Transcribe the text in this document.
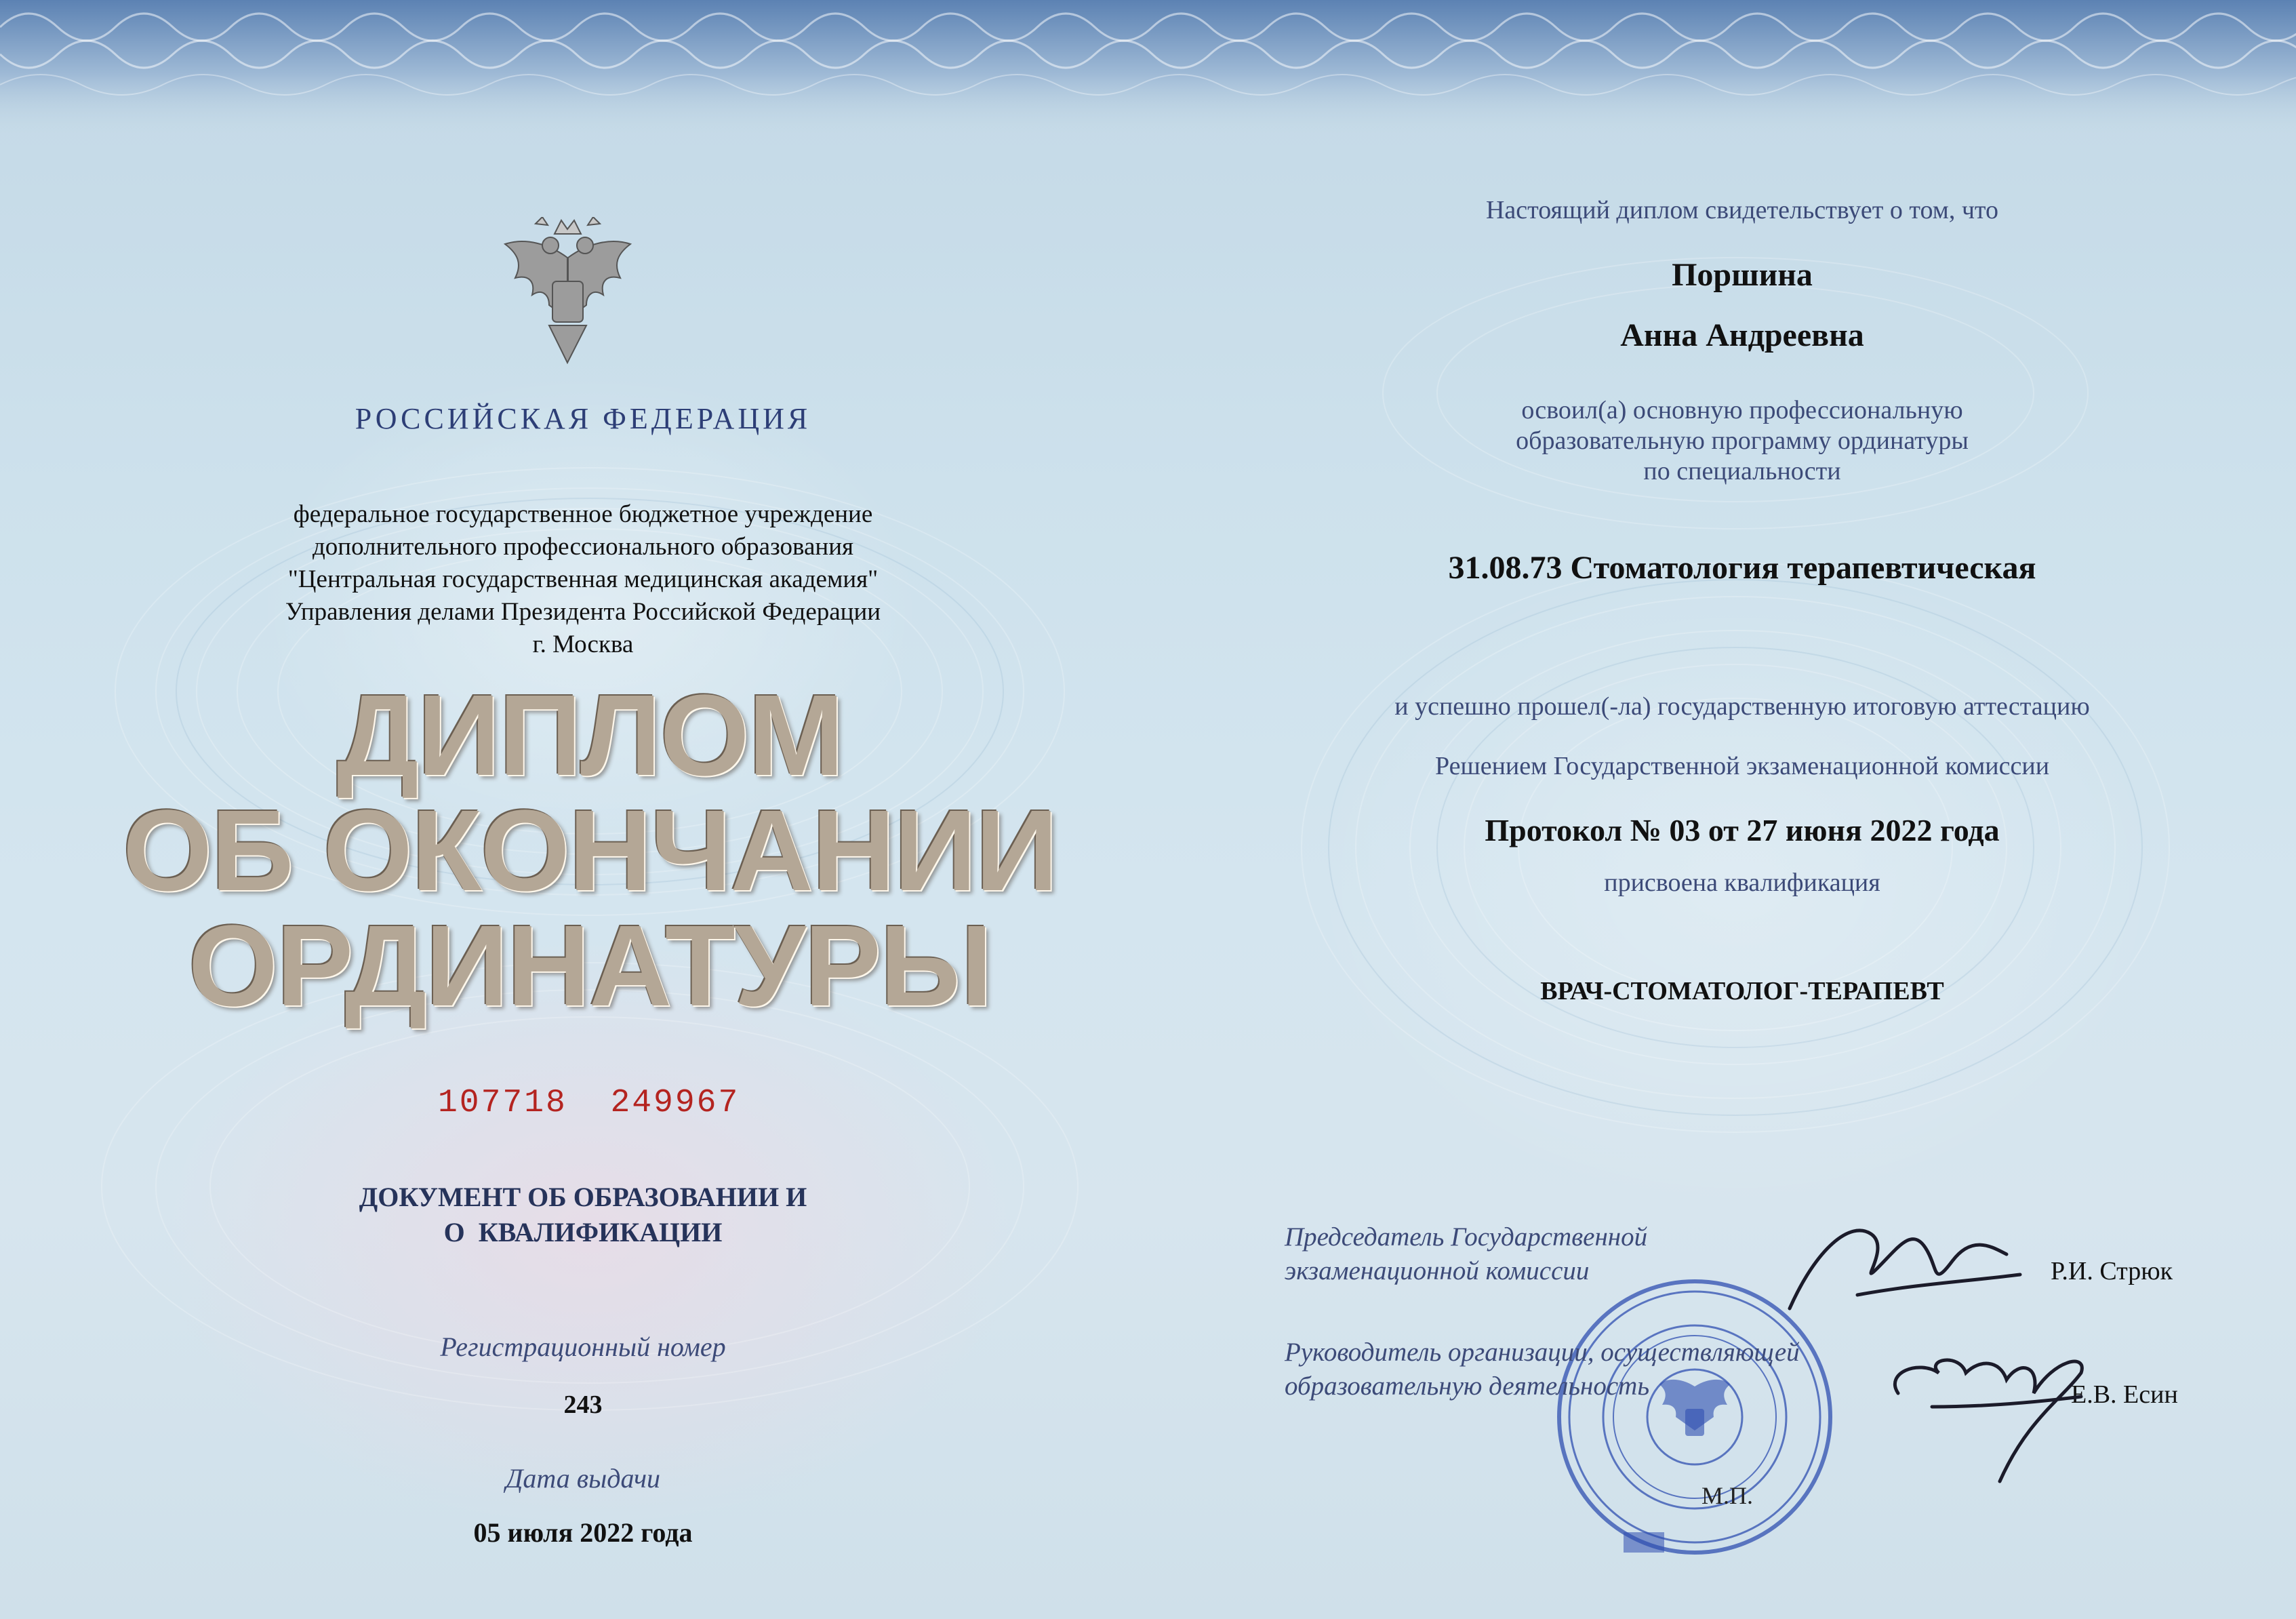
РОССИЙСКАЯ ФЕДЕРАЦИЯ

федеральное государственное бюджетное учреждение
дополнительного профессионального образования
"Центральная государственная медицинская академия"
Управления делами Президента Российской Федерации
г. Москва
ДИПЛОМ
ОБ ОКОНЧАНИИ
ОРДИНАТУРЫ

107718  249967

ДОКУМЕНТ ОБ ОБРАЗОВАНИИ И
О  КВАЛИФИКАЦИИ

Регистрационный номер

243

Дата выдачи

05 июля 2022 года

Настоящий диплом свидетельствует о том, что

Поршина

Анна Андреевна

освоил(а) основную профессиональную
образовательную программу ординатуры
по специальности

31.08.73 Стоматология терапевтическая

и успешно прошел(-ла) государственную итоговую аттестацию

Решением Государственной экзаменационной комиссии

Протокол № 03 от 27 июня 2022 года

присвоена квалификация

ВРАЧ-СТОМАТОЛОГ-ТЕРАПЕВТ

Председатель Государственной
экзаменационной комиссии	Р.И. Стрюк

Руководитель организации, осуществляющей
образовательную деятельность	Е.В. Есин

М.П.
